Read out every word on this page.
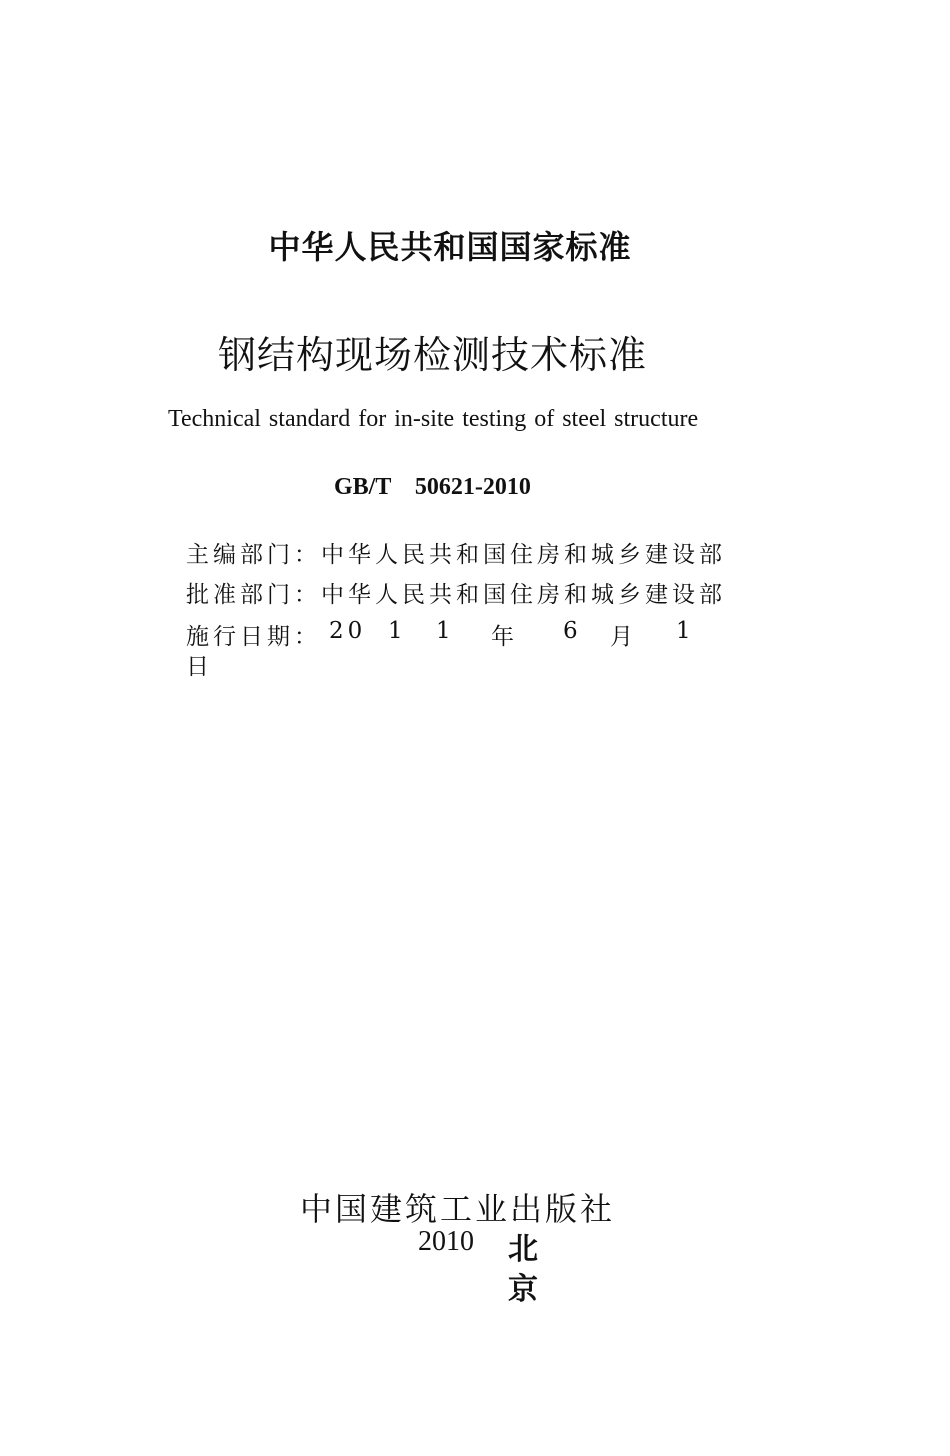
中华人民共和国国家标准
钢结构现场检测技术标准
Technical standard for in-site testing of steel structure
GB/T 50621-2010
主编部门：中华人民共和国住房和城乡建设部
批准部门：中华人民共和国住房和城乡建设部
施行日期： 20 1 1 年 6 月 1
日
中国建筑工业出版社
2010 北
京
